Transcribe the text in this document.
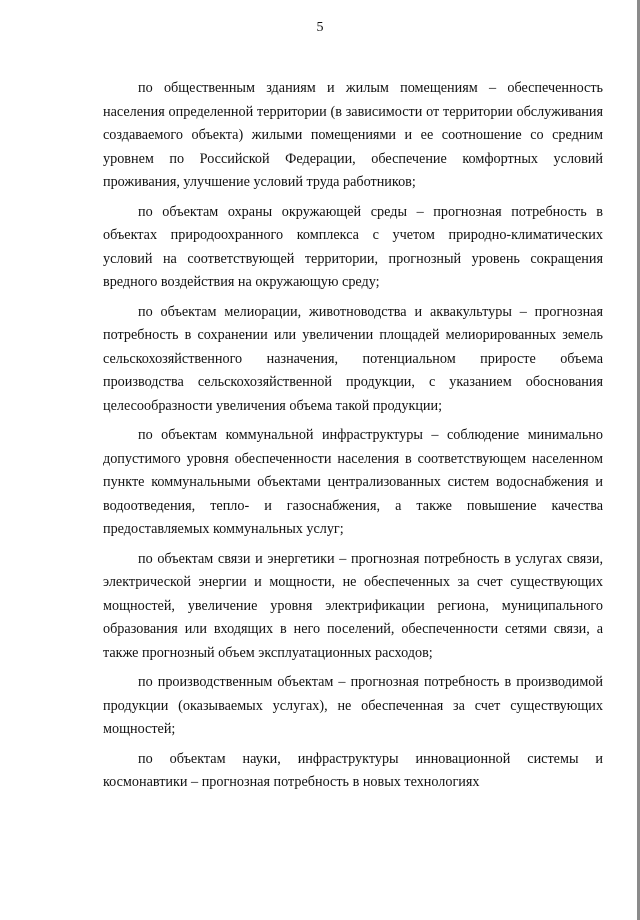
5

по общественным зданиям и жилым помещениям – обеспеченность населения определенной территории (в зависимости от территории обслуживания создаваемого объекта) жилыми помещениями и ее соотношение со средним уровнем по Российской Федерации, обеспечение комфортных условий проживания, улучшение условий труда работников;

по объектам охраны окружающей среды – прогнозная потребность в объектах природоохранного комплекса с учетом природно-климатических условий на соответствующей территории, прогнозный уровень сокращения вредного воздействия на окружающую среду;

по объектам мелиорации, животноводства и аквакультуры – прогнозная потребность в сохранении или увеличении площадей мелиорированных земель сельскохозяйственного назначения, потенциальном приросте объема производства сельскохозяйственной продукции, с указанием обоснования целесообразности увеличения объема такой продукции;

по объектам коммунальной инфраструктуры – соблюдение минимально допустимого уровня обеспеченности населения в соответствующем населенном пункте коммунальными объектами централизованных систем водоснабжения и водоотведения, тепло- и газоснабжения, а также повышение качества предоставляемых коммунальных услуг;

по объектам связи и энергетики – прогнозная потребность в услугах связи, электрической энергии и мощности, не обеспеченных за счет существующих мощностей, увеличение уровня электрификации региона, муниципального образования или входящих в него поселений, обеспеченности сетями связи, а также прогнозный объем эксплуатационных расходов;

по производственным объектам – прогнозная потребность в производимой продукции (оказываемых услугах), не обеспеченная за счет существующих мощностей;

по объектам науки, инфраструктуры инновационной системы и космонавтики – прогнозная потребность в новых технологиях
